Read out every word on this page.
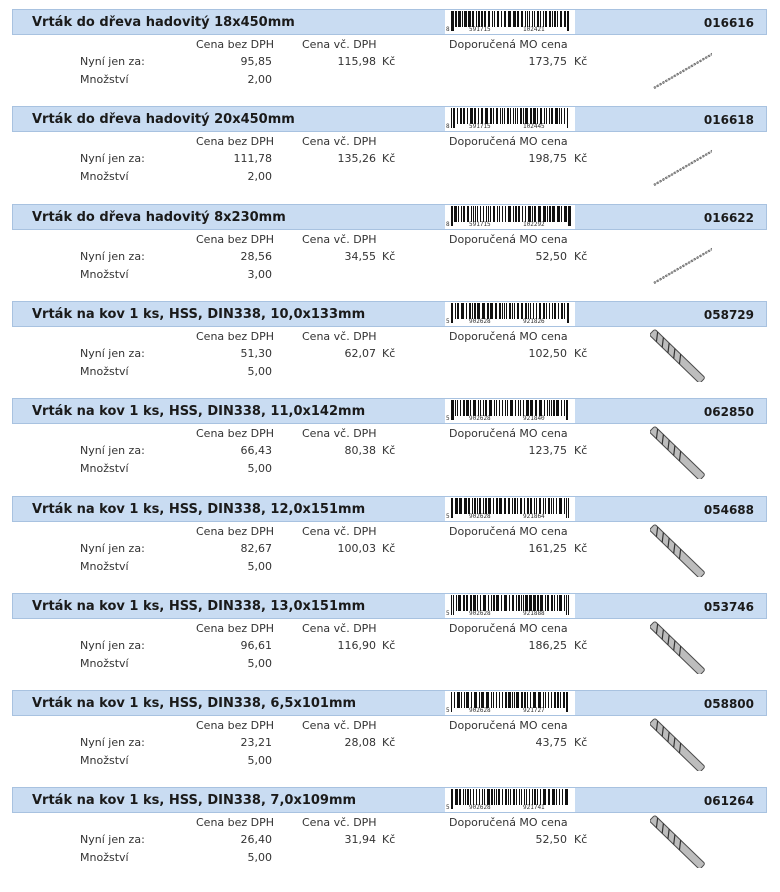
Vrták do dřeva hadovitý 18x450mm	8	591715	102421	016616
Cena bez DPH	Cena vč. DPH	Doporučená MO cena
Nyní jen za:	95,85	115,98 Kč	173,75 Kč
Množství	2,00
Vrták do dřeva hadovitý 20x450mm	8	591715	102445	016618
Cena bez DPH	Cena vč. DPH	Doporučená MO cena
Nyní jen za:	111,78	135,26 Kč	198,75 Kč
Množství	2,00
Vrták do dřeva hadovitý 8x230mm	8	591715	102292	016622
Cena bez DPH	Cena vč. DPH	Doporučená MO cena
Nyní jen za:	28,56	34,55 Kč	52,50 Kč
Množství	3,00
Vrták na kov 1 ks, HSS, DIN338, 10,0x133mm	5	902628	921826	058729
Cena bez DPH	Cena vč. DPH	Doporučená MO cena
Nyní jen za:	51,30	62,07 Kč	102,50 Kč
Množství	5,00
Vrták na kov 1 ks, HSS, DIN338, 11,0x142mm	5	902628	921840	062850
Cena bez DPH	Cena vč. DPH	Doporučená MO cena
Nyní jen za:	66,43	80,38 Kč	123,75 Kč
Množství	5,00
Vrták na kov 1 ks, HSS, DIN338, 12,0x151mm	5	902628	921864	054688
Cena bez DPH	Cena vč. DPH	Doporučená MO cena
Nyní jen za:	82,67	100,03 Kč	161,25 Kč
Množství	5,00
Vrták na kov 1 ks, HSS, DIN338, 13,0x151mm	5	902628	921888	053746
Cena bez DPH	Cena vč. DPH	Doporučená MO cena
Nyní jen za:	96,61	116,90 Kč	186,25 Kč
Množství	5,00
Vrták na kov 1 ks, HSS, DIN338, 6,5x101mm	5	902628	921727	058800
Cena bez DPH	Cena vč. DPH	Doporučená MO cena
Nyní jen za:	23,21	28,08 Kč	43,75 Kč
Množství	5,00
Vrták na kov 1 ks, HSS, DIN338, 7,0x109mm	5	902628	921741	061264
Cena bez DPH	Cena vč. DPH	Doporučená MO cena
Nyní jen za:	26,40	31,94 Kč	52,50 Kč
Množství	5,00
